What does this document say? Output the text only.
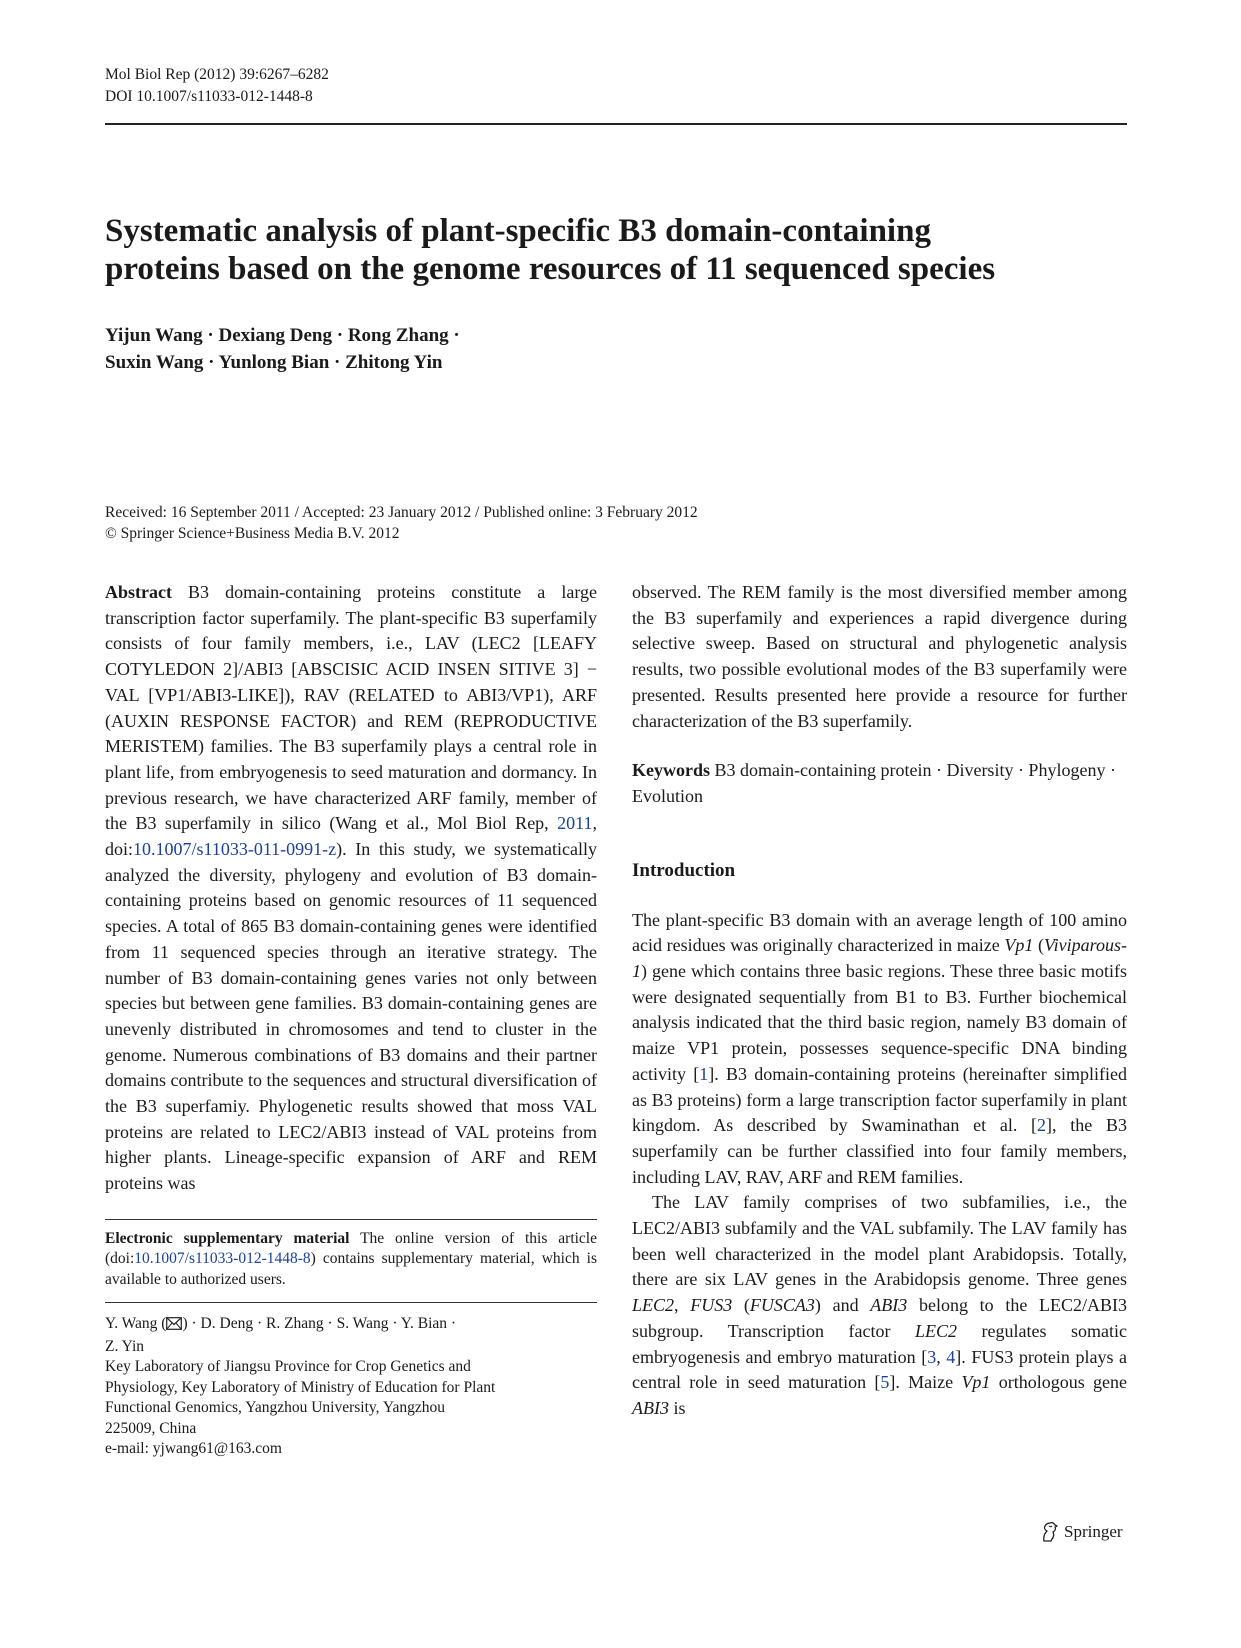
Mol Biol Rep (2012) 39:6267–6282
DOI 10.1007/s11033-012-1448-8
Systematic analysis of plant-specific B3 domain-containing
proteins based on the genome resources of 11 sequenced species
Yijun Wang · Dexiang Deng · Rong Zhang ·
Suxin Wang · Yunlong Bian · Zhitong Yin
Received: 16 September 2011 / Accepted: 23 January 2012 / Published online: 3 February 2012
© Springer Science+Business Media B.V. 2012

Abstract B3 domain-containing proteins constitute a large transcription factor superfamily. The plant-specific B3 superfamily consists of four family members, i.e., LAV (LEC2 [LEAFY COTYLEDON 2]/ABI3 [ABSCISIC ACID INSEN SITIVE 3] − VAL [VP1/ABI3-LIKE]), RAV (RELATED to ABI3/VP1), ARF (AUXIN RESPONSE FACTOR) and REM (REPRODUCTIVE MERISTEM) families. The B3 superfamily plays a central role in plant life, from embryogenesis to seed maturation and dormancy. In previous research, we have characterized ARF family, member of the B3 superfamily in silico (Wang et al., Mol Biol Rep, 2011, doi:10.1007/s11033-011-0991-z). In this study, we systematically analyzed the diversity, phylogeny and evolution of B3 domain-containing proteins based on genomic resources of 11 sequenced species. A total of 865 B3 domain-containing genes were identified from 11 sequenced species through an iterative strategy. The number of B3 domain-containing genes varies not only between species but between gene families. B3 domain-containing genes are unevenly distributed in chromosomes and tend to cluster in the genome. Numerous combinations of B3 domains and their partner domains contribute to the sequences and structural diversification of the B3 superfamiy. Phylogenetic results showed that moss VAL proteins are related to LEC2/ABI3 instead of VAL proteins from higher plants. Lineage-specific expansion of ARF and REM proteins was

Electronic supplementary material The online version of this article (doi:10.1007/s11033-012-1448-8) contains supplementary material, which is available to authorized users.

Y. Wang ( ) · D. Deng · R. Zhang · S. Wang · Y. Bian ·
Z. Yin
Key Laboratory of Jiangsu Province for Crop Genetics and
Physiology, Key Laboratory of Ministry of Education for Plant
Functional Genomics, Yangzhou University, Yangzhou
225009, China
e-mail: yjwang61@163.com

observed. The REM family is the most diversified member among the B3 superfamily and experiences a rapid divergence during selective sweep. Based on structural and phylogenetic analysis results, two possible evolutional modes of the B3 superfamily were presented. Results presented here provide a resource for further characterization of the B3 superfamily.

Keywords B3 domain-containing protein · Diversity · Phylogeny · Evolution

Introduction

The plant-specific B3 domain with an average length of 100 amino acid residues was originally characterized in maize Vp1 (Viviparous-1) gene which contains three basic regions. These three basic motifs were designated sequentially from B1 to B3. Further biochemical analysis indicated that the third basic region, namely B3 domain of maize VP1 protein, possesses sequence-specific DNA binding activity [1]. B3 domain-containing proteins (hereinafter simplified as B3 proteins) form a large transcription factor superfamily in plant kingdom. As described by Swaminathan et al. [2], the B3 superfamily can be further classified into four family members, including LAV, RAV, ARF and REM families.

The LAV family comprises of two subfamilies, i.e., the LEC2/ABI3 subfamily and the VAL subfamily. The LAV family has been well characterized in the model plant Arabidopsis. Totally, there are six LAV genes in the Arabidopsis genome. Three genes LEC2, FUS3 (FUSCA3) and ABI3 belong to the LEC2/ABI3 subgroup. Transcription factor LEC2 regulates somatic embryogenesis and embryo maturation [3, 4]. FUS3 protein plays a central role in seed maturation [5]. Maize Vp1 orthologous gene ABI3 is

Springer
